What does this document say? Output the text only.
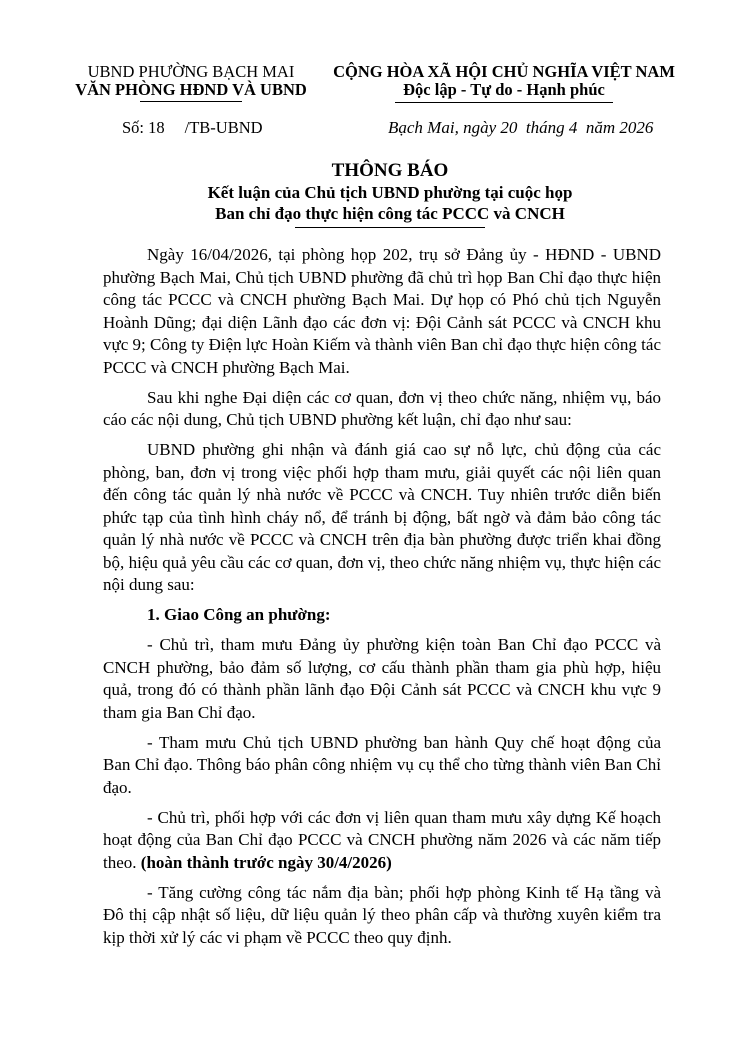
UBND PHƯỜNG BẠCH MAI
VĂN PHÒNG HĐND VÀ UBND
CỘNG HÒA XÃ HỘI CHỦ NGHĨA VIỆT NAM
Độc lập - Tự do - Hạnh phúc
Số: 18 /TB-UBND	Bạch Mai, ngày 20  tháng 4  năm 2026
THÔNG BÁO
Kết luận của Chủ tịch UBND phường tại cuộc họp
Ban chỉ đạo thực hiện công tác PCCC và CNCH

Ngày 16/04/2026, tại phòng họp 202, trụ sở Đảng ủy - HĐND - UBND phường Bạch Mai, Chủ tịch UBND phường đã chủ trì họp Ban Chỉ đạo thực hiện công tác PCCC và CNCH phường Bạch Mai. Dự họp có Phó chủ tịch Nguyễn Hoành Dũng; đại diện Lãnh đạo các đơn vị: Đội Cảnh sát PCCC và CNCH khu vực 9; Công ty Điện lực Hoàn Kiếm và thành viên Ban chỉ đạo thực hiện công tác PCCC và CNCH phường Bạch Mai.

Sau khi nghe Đại diện các cơ quan, đơn vị theo chức năng, nhiệm vụ, báo cáo các nội dung, Chủ tịch UBND phường kết luận, chỉ đạo như sau:

UBND phường ghi nhận và đánh giá cao sự nỗ lực, chủ động của các phòng, ban, đơn vị trong việc phối hợp tham mưu, giải quyết các nội liên quan đến công tác quản lý nhà nước về PCCC và CNCH. Tuy nhiên trước diễn biến phức tạp của tình hình cháy nổ, để tránh bị động, bất ngờ và đảm bảo công tác quản lý nhà nước về PCCC và CNCH trên địa bàn phường được triển khai đồng bộ, hiệu quả yêu cầu các cơ quan, đơn vị, theo chức năng nhiệm vụ, thực hiện các nội dung sau:

1. Giao Công an phường:

- Chủ trì, tham mưu Đảng ủy phường kiện toàn Ban Chỉ đạo PCCC và CNCH phường, bảo đảm số lượng, cơ cấu thành phần tham gia phù hợp, hiệu quả, trong đó có thành phần lãnh đạo Đội Cảnh sát PCCC và CNCH khu vực 9 tham gia Ban Chỉ đạo.

- Tham mưu Chủ tịch UBND phường ban hành Quy chế hoạt động của Ban Chỉ đạo. Thông báo phân công nhiệm vụ cụ thể cho từng thành viên Ban Chỉ đạo.

- Chủ trì, phối hợp với các đơn vị liên quan tham mưu xây dựng Kế hoạch hoạt động của Ban Chỉ đạo PCCC và CNCH phường năm 2026 và các năm tiếp theo. (hoàn thành trước ngày 30/4/2026)

- Tăng cường công tác nắm địa bàn; phối hợp phòng Kinh tế Hạ tầng và Đô thị cập nhật số liệu, dữ liệu quản lý theo phân cấp và thường xuyên kiểm tra kịp thời xử lý các vi phạm về PCCC theo quy định.
